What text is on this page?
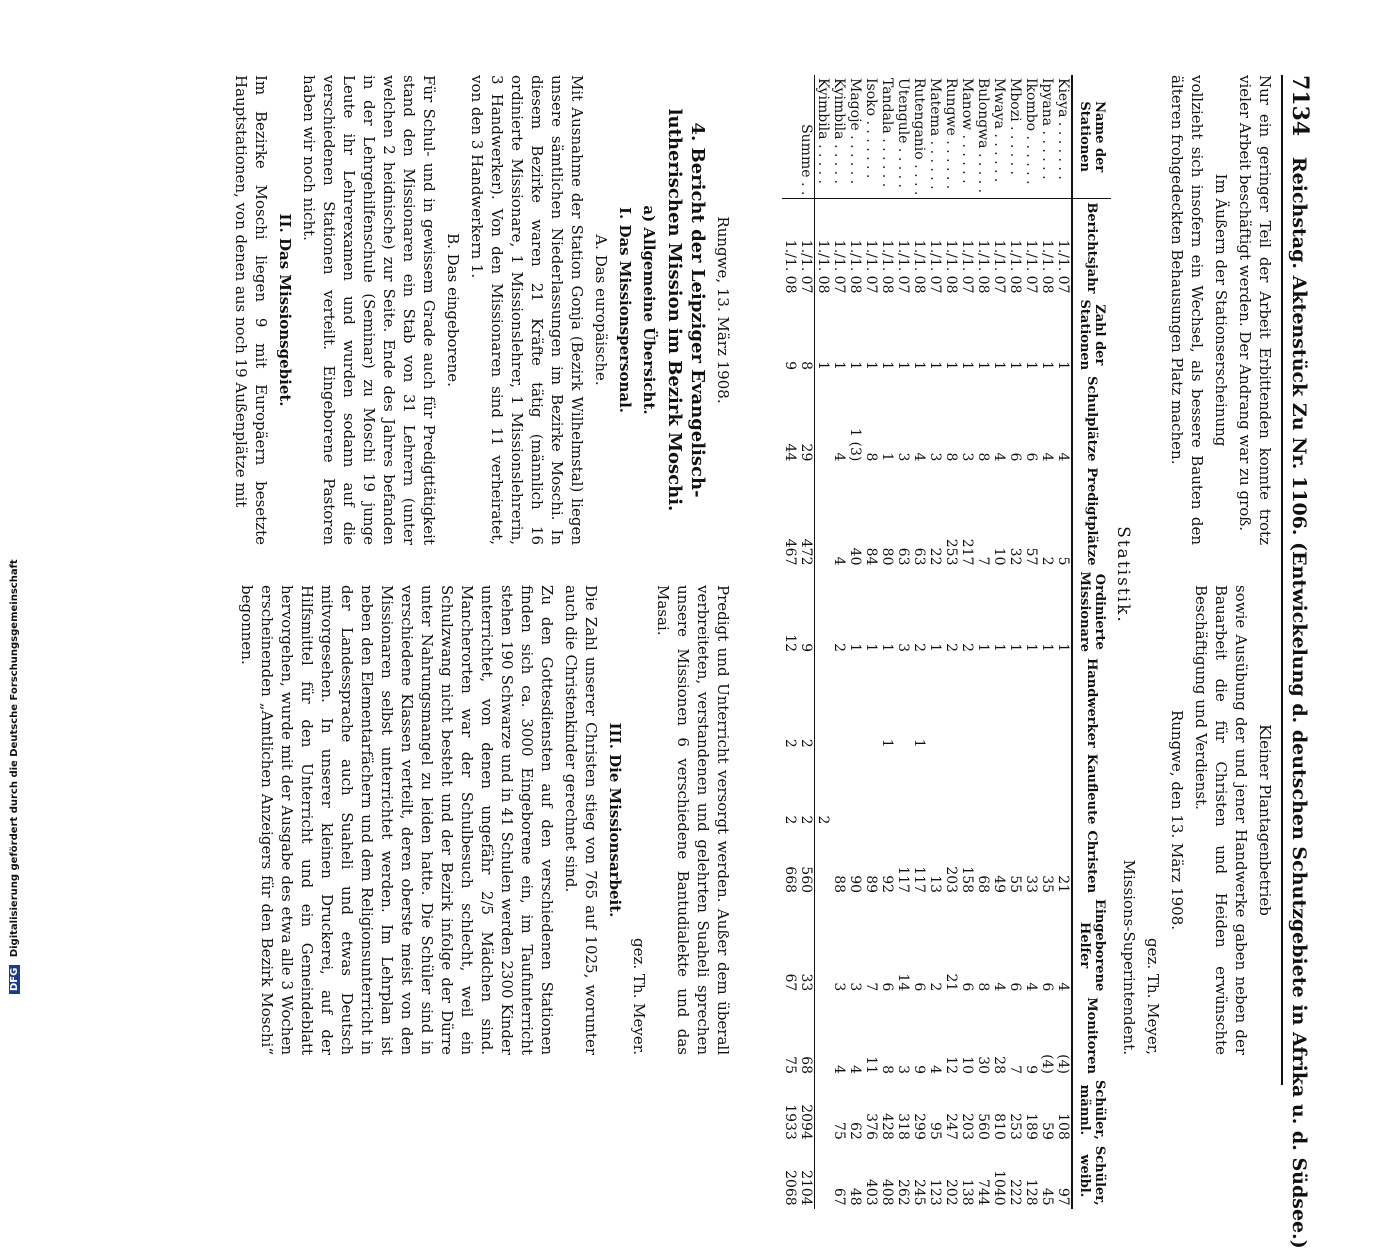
7134 Reichstag. Aktenstück Zu Nr. 1106. (Entwickelung d. deutschen Schutzgebiete in Afrika u. d. Südsee.)

Nur ein geringer Teil der Arbeit Erbittenden konnte trotz vieler Arbeit beschäftigt werden. Der Andrang war zu groß.

Im Äußern der Stationserscheinung

vollzieht sich insofern ein Wechsel, als bessere Bauten den älteren frohgedeckten Behausungen Platz machen.

Kleiner Plantagenbetrieb

sowie Ausübung der und jener Handwerke gaben neben der Bauarbeit die für Christen und Heiden erwünschte Beschäftigung und Verdienst.

Rungwe, den 13. März 1908.

gez. Th. Meyer,

Missions-Superintendent.

Statistik.
Name der Stationen	Berichtsjahr	Zahl der Stationen	Schulplätze	Predigtplätze	Ordinierte Missionare	Handwerker	Kaufleute	Christen	Eingeborene Helfer	Monitoren	Schüler, männl.	Schüler, weibl.
Kieya . . . . . . .	1./1. 07	1	4	5	1			21	4	(4)	108	97
Ipyana . . . . . .	1./1. 08	1	4	2	1			35	6	(4)	59	45
Ikombo . . . . . .	1./1. 07	1	6	57	1			33	4	9	189	128
Mbozi . . . . . .	1./1. 08	1	6	32	1			55	6	7	253	222
Mwaya . . . . . .	1./1. 07	1	4	10	1			49	4	28	810	1040
Bulongwa . . . . .	1./1. 08	1	8	7	1			68	8	30	560	744
Manow . . . . . .	1./1. 07	1	3	217	2			158	6	10	203	138
Rungwe . . . . . .	1./1. 08	1	8	253	2			203	21	12	247	202
Matema . . . . . .	1./1. 07	1	3	22	1			13	2	4	95	123
Rutenganio . . . .	1./1. 08	1	4	63	2	1		117	6	9	299	245
Utengule . . . . .	1./1. 07	1	3	63	3			117	14	3	318	262
Tandala . . . . . .	1./1. 08	1	1	80	1	1		92	6	8	428	408
Isoko . . . . . . .	1./1. 07	1	8	84	1			89	7	11	376	403
Magoje . . . . . .	1./1. 08	1	1 (3)	40	1			90	3	4	62	48
Kyimbila . . . . .	1./1. 07	1	4	4	2			88	3	4	75	67
Kyimbila . . . . .	1./1. 08	1					2					
Summe . .	1./1. 07	8	29	472	9	2	2	560	33	68	2094	2104
	1./1. 08	9	44	467	12	2	2	668	67	75	1933	2068

Rungwe, 13. März 1908.

4. Bericht der Leipziger Evangelisch-lutherischen Mission im Bezirk Moschi.

a) Allgemeine Übersicht.

I. Das Missionspersonal.

A. Das europäische.

Mit Ausnahme der Station Gonja (Bezirk Wilhelmstal) liegen unsere sämtlichen Niederlassungen im Bezirke Moschi. In diesem Bezirke waren 21 Kräfte tätig (männlich 16 ordinierte Missionare, 1 Missionslehrer, 1 Missionslehrerin, 3 Handwerker). Von den Missionaren sind 11 verheiratet, von den 3 Handwerkern 1.

B. Das eingeborene.

Für Schul- und in gewissem Grade auch für Predigttätigkeit stand den Missionaren ein Stab von 31 Lehrern (unter welchen 2 heidnische) zur Seite. Ende des Jahres befanden in der Lehrgehilfenschule (Seminar) zu Moschi 19 junge Leute ihr Lehrerexamen und wurden sodann auf die verschiedenen Stationen verteilt. Eingeborene Pastoren haben wir noch nicht.

II. Das Missionsgebiet.

Im Bezirke Moschi liegen 9 mit Europäern besetzte Hauptstationen, von denen aus noch 19 Außenplätze mit

Predigt und Unterricht versorgt werden. Außer dem überall verbreiteten, verstandenen und gelehrten Suaheli sprechen unsere Missionen 6 verschiedene Bantudialekte und das Masai.

gez. Th. Meyer.

III. Die Missionsarbeit.

Die Zahl unserer Christen stieg von 765 auf 1025, worunter auch die Christenkinder gerechnet sind.

Zu den Gottesdiensten auf den verschiedenen Stationen finden sich ca. 3000 Eingeborene ein, im Taufunterricht stehen 190 Schwarze und in 41 Schulen werden 2300 Kinder unterrichtet, von denen ungefähr 2/5 Mädchen sind. Mancherorten war der Schulbesuch schlecht, weil ein Schulzwang nicht besteht und der Bezirk infolge der Dürre unter Nahrungsmangel zu leiden hatte. Die Schüler sind in verschiedene Klassen verteilt, deren oberste meist von den Missionaren selbst unterrichtet werden. Im Lehrplan ist neben den Elementarfächern und dem Religionsunterricht in der Landessprache auch Suaheli und etwas Deutsch mitvorgesehen. In unserer kleinen Druckerei, auf der Hilfsmittel für den Unterricht und ein Gemeindeblatt hervorgehen, wurde mit der Ausgabe des etwa alle 3 Wochen erscheinenden „Amtlichen Anzeigers für den Bezirk Moschi“ begonnen.

DFG Digitalisierung gefördert durch die Deutsche Forschungsgemeinschaft
